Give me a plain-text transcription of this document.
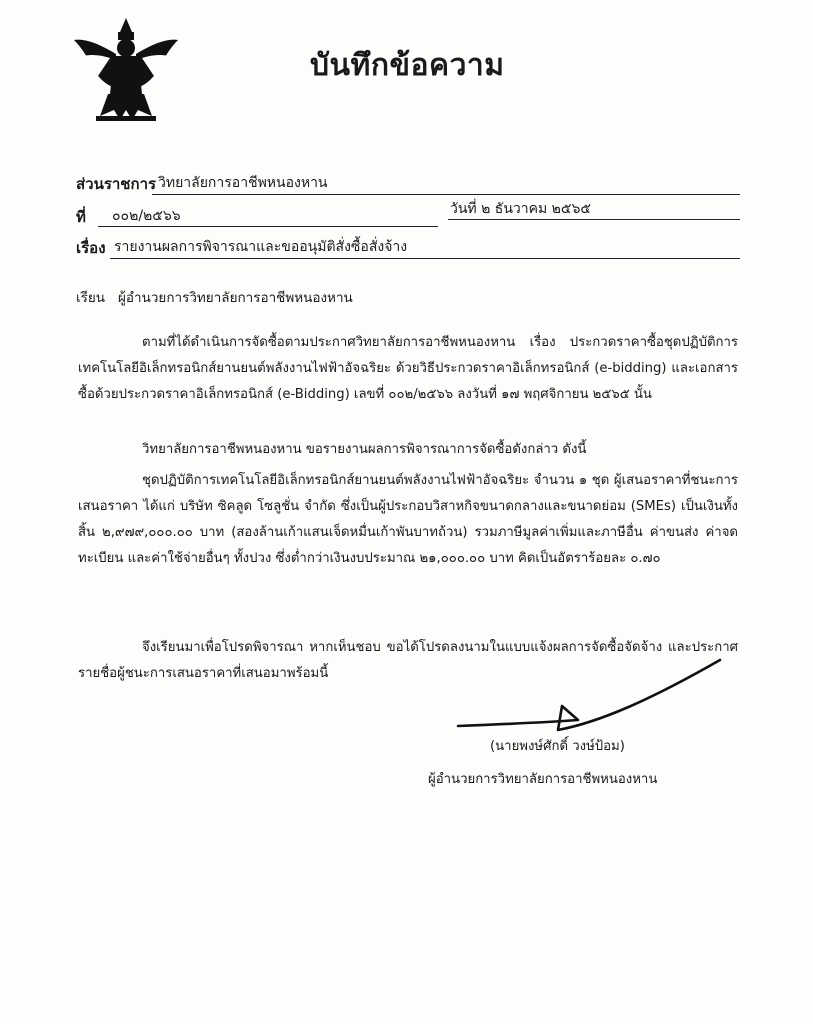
บันทึกข้อความ
ส่วนราชการ วิทยาลัยการอาชีพหนองหาน
ที่ ๐๐๒/๒๕๖๖	วันที่ ๒ ธันวาคม ๒๕๖๕
เรื่อง รายงานผลการพิจารณาและขออนุมัติสั่งซื้อสั่งจ้าง
เรียน ผู้อำนวยการวิทยาลัยการอาชีพหนองหาน
ตามที่ได้ดำเนินการจัดซื้อตามประกาศวิทยาลัยการอาชีพหนองหาน เรื่อง ประกวดราคาซื้อชุดปฏิบัติการเทคโนโลยีอิเล็กทรอนิกส์ยานยนต์พลังงานไฟฟ้าอัจฉริยะ ด้วยวิธีประกวดราคาอิเล็กทรอนิกส์ (e-bidding) และเอกสารซื้อด้วยประกวดราคาอิเล็กทรอนิกส์ (e-Bidding) เลขที่ ๐๐๒/๒๕๖๖ ลงวันที่ ๑๗ พฤศจิกายน ๒๕๖๕ นั้น
วิทยาลัยการอาชีพหนองหาน ขอรายงานผลการพิจารณาการจัดซื้อดังกล่าว ดังนี้
ชุดปฏิบัติการเทคโนโลยีอิเล็กทรอนิกส์ยานยนต์พลังงานไฟฟ้าอัจฉริยะ จำนวน ๑ ชุด ผู้เสนอราคาที่ชนะการเสนอราคา ได้แก่ บริษัท ซิคลูด โซลูชั่น จำกัด ซึ่งเป็นผู้ประกอบวิสาหกิจขนาดกลางและขนาดย่อม (SMEs) เป็นเงินทั้งสิ้น ๒,๙๗๙,๐๐๐.๐๐ บาท (สองล้านเก้าแสนเจ็ดหมื่นเก้าพันบาทถ้วน) รวมภาษีมูลค่าเพิ่มและภาษีอื่น ค่าขนส่ง ค่าจดทะเบียน และค่าใช้จ่ายอื่นๆ ทั้งปวง ซึ่งต่ำกว่าเงินงบประมาณ ๒๑,๐๐๐.๐๐ บาท คิดเป็นอัตราร้อยละ ๐.๗๐
จึงเรียนมาเพื่อโปรดพิจารณา หากเห็นชอบ ขอได้โปรดลงนามในแบบแจ้งผลการจัดซื้อจัดจ้าง และประกาศรายชื่อผู้ชนะการเสนอราคาที่เสนอมาพร้อมนี้
(นายพงษ์ศักดิ์ วงษ์ป้อม)
ผู้อำนวยการวิทยาลัยการอาชีพหนองหาน
